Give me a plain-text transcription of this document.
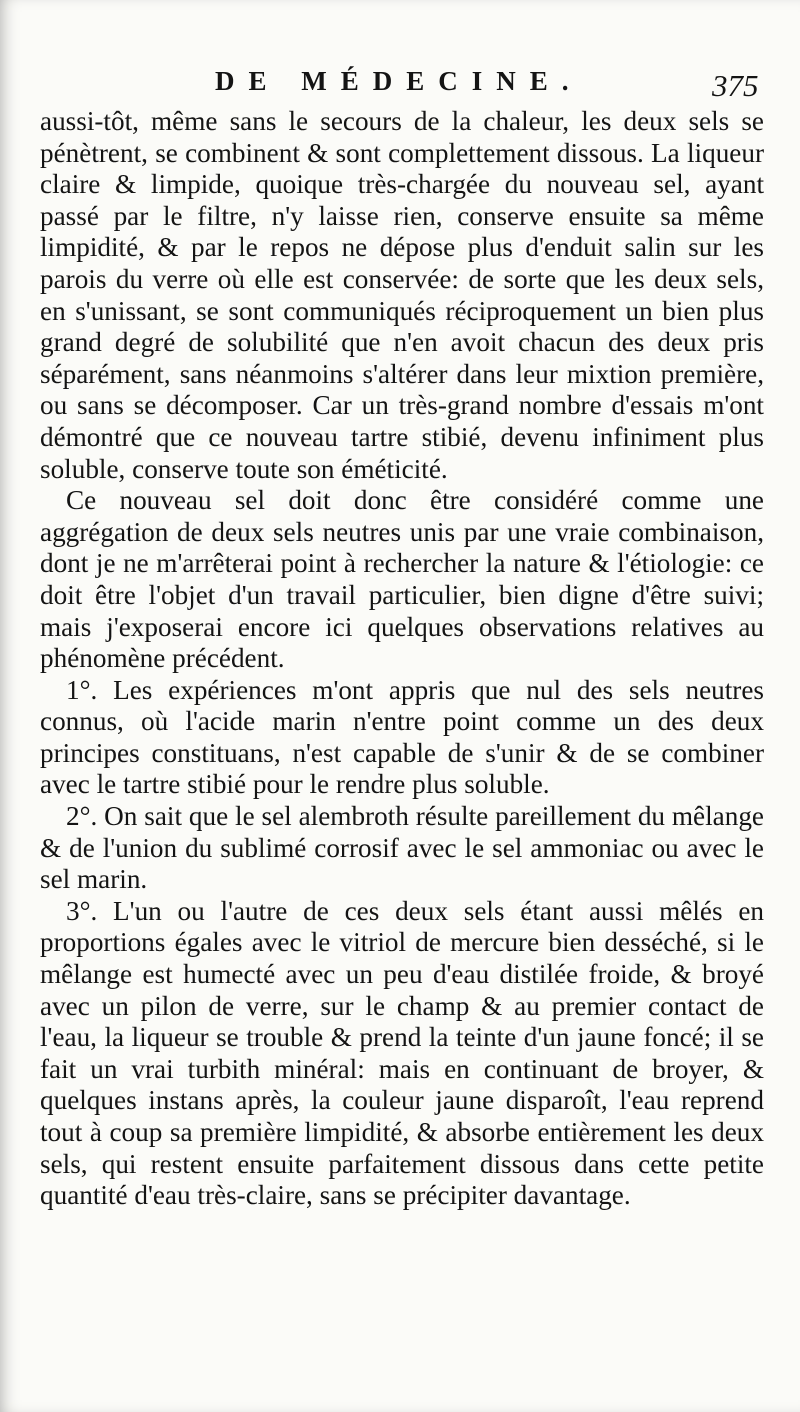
DE MÉDECINE.	375

aussi-tôt, même sans le secours de la chaleur, les deux sels se pénètrent, se combinent & sont complettement dissous. La liqueur claire & limpide, quoique très-chargée du nouveau sel, ayant passé par le filtre, n'y laisse rien, conserve ensuite sa même limpidité, & par le repos ne dépose plus d'enduit salin sur les parois du verre où elle est conservée: de sorte que les deux sels, en s'unissant, se sont communiqués réciproquement un bien plus grand degré de solubilité que n'en avoit chacun des deux pris séparément, sans néanmoins s'altérer dans leur mixtion première, ou sans se décomposer. Car un très-grand nombre d'essais m'ont démontré que ce nouveau tartre stibié, devenu infiniment plus soluble, conserve toute son éméticité.

Ce nouveau sel doit donc être considéré comme une aggrégation de deux sels neutres unis par une vraie combinaison, dont je ne m'arrêterai point à rechercher la nature & l'étiologie: ce doit être l'objet d'un travail particulier, bien digne d'être suivi; mais j'exposerai encore ici quelques observations relatives au phénomène précédent.

1°. Les expériences m'ont appris que nul des sels neutres connus, où l'acide marin n'entre point comme un des deux principes constituans, n'est capable de s'unir & de se combiner avec le tartre stibié pour le rendre plus soluble.

2°. On sait que le sel alembroth résulte pareillement du mêlange & de l'union du sublimé corrosif avec le sel ammoniac ou avec le sel marin.

3°. L'un ou l'autre de ces deux sels étant aussi mêlés en proportions égales avec le vitriol de mercure bien desséché, si le mêlange est humecté avec un peu d'eau distilée froide, & broyé avec un pilon de verre, sur le champ & au premier contact de l'eau, la liqueur se trouble & prend la teinte d'un jaune foncé; il se fait un vrai turbith minéral: mais en continuant de broyer, & quelques instans après, la couleur jaune disparoît, l'eau reprend tout à coup sa première limpidité, & absorbe entièrement les deux sels, qui restent ensuite parfaitement dissous dans cette petite quantité d'eau très-claire, sans se précipiter davantage.
